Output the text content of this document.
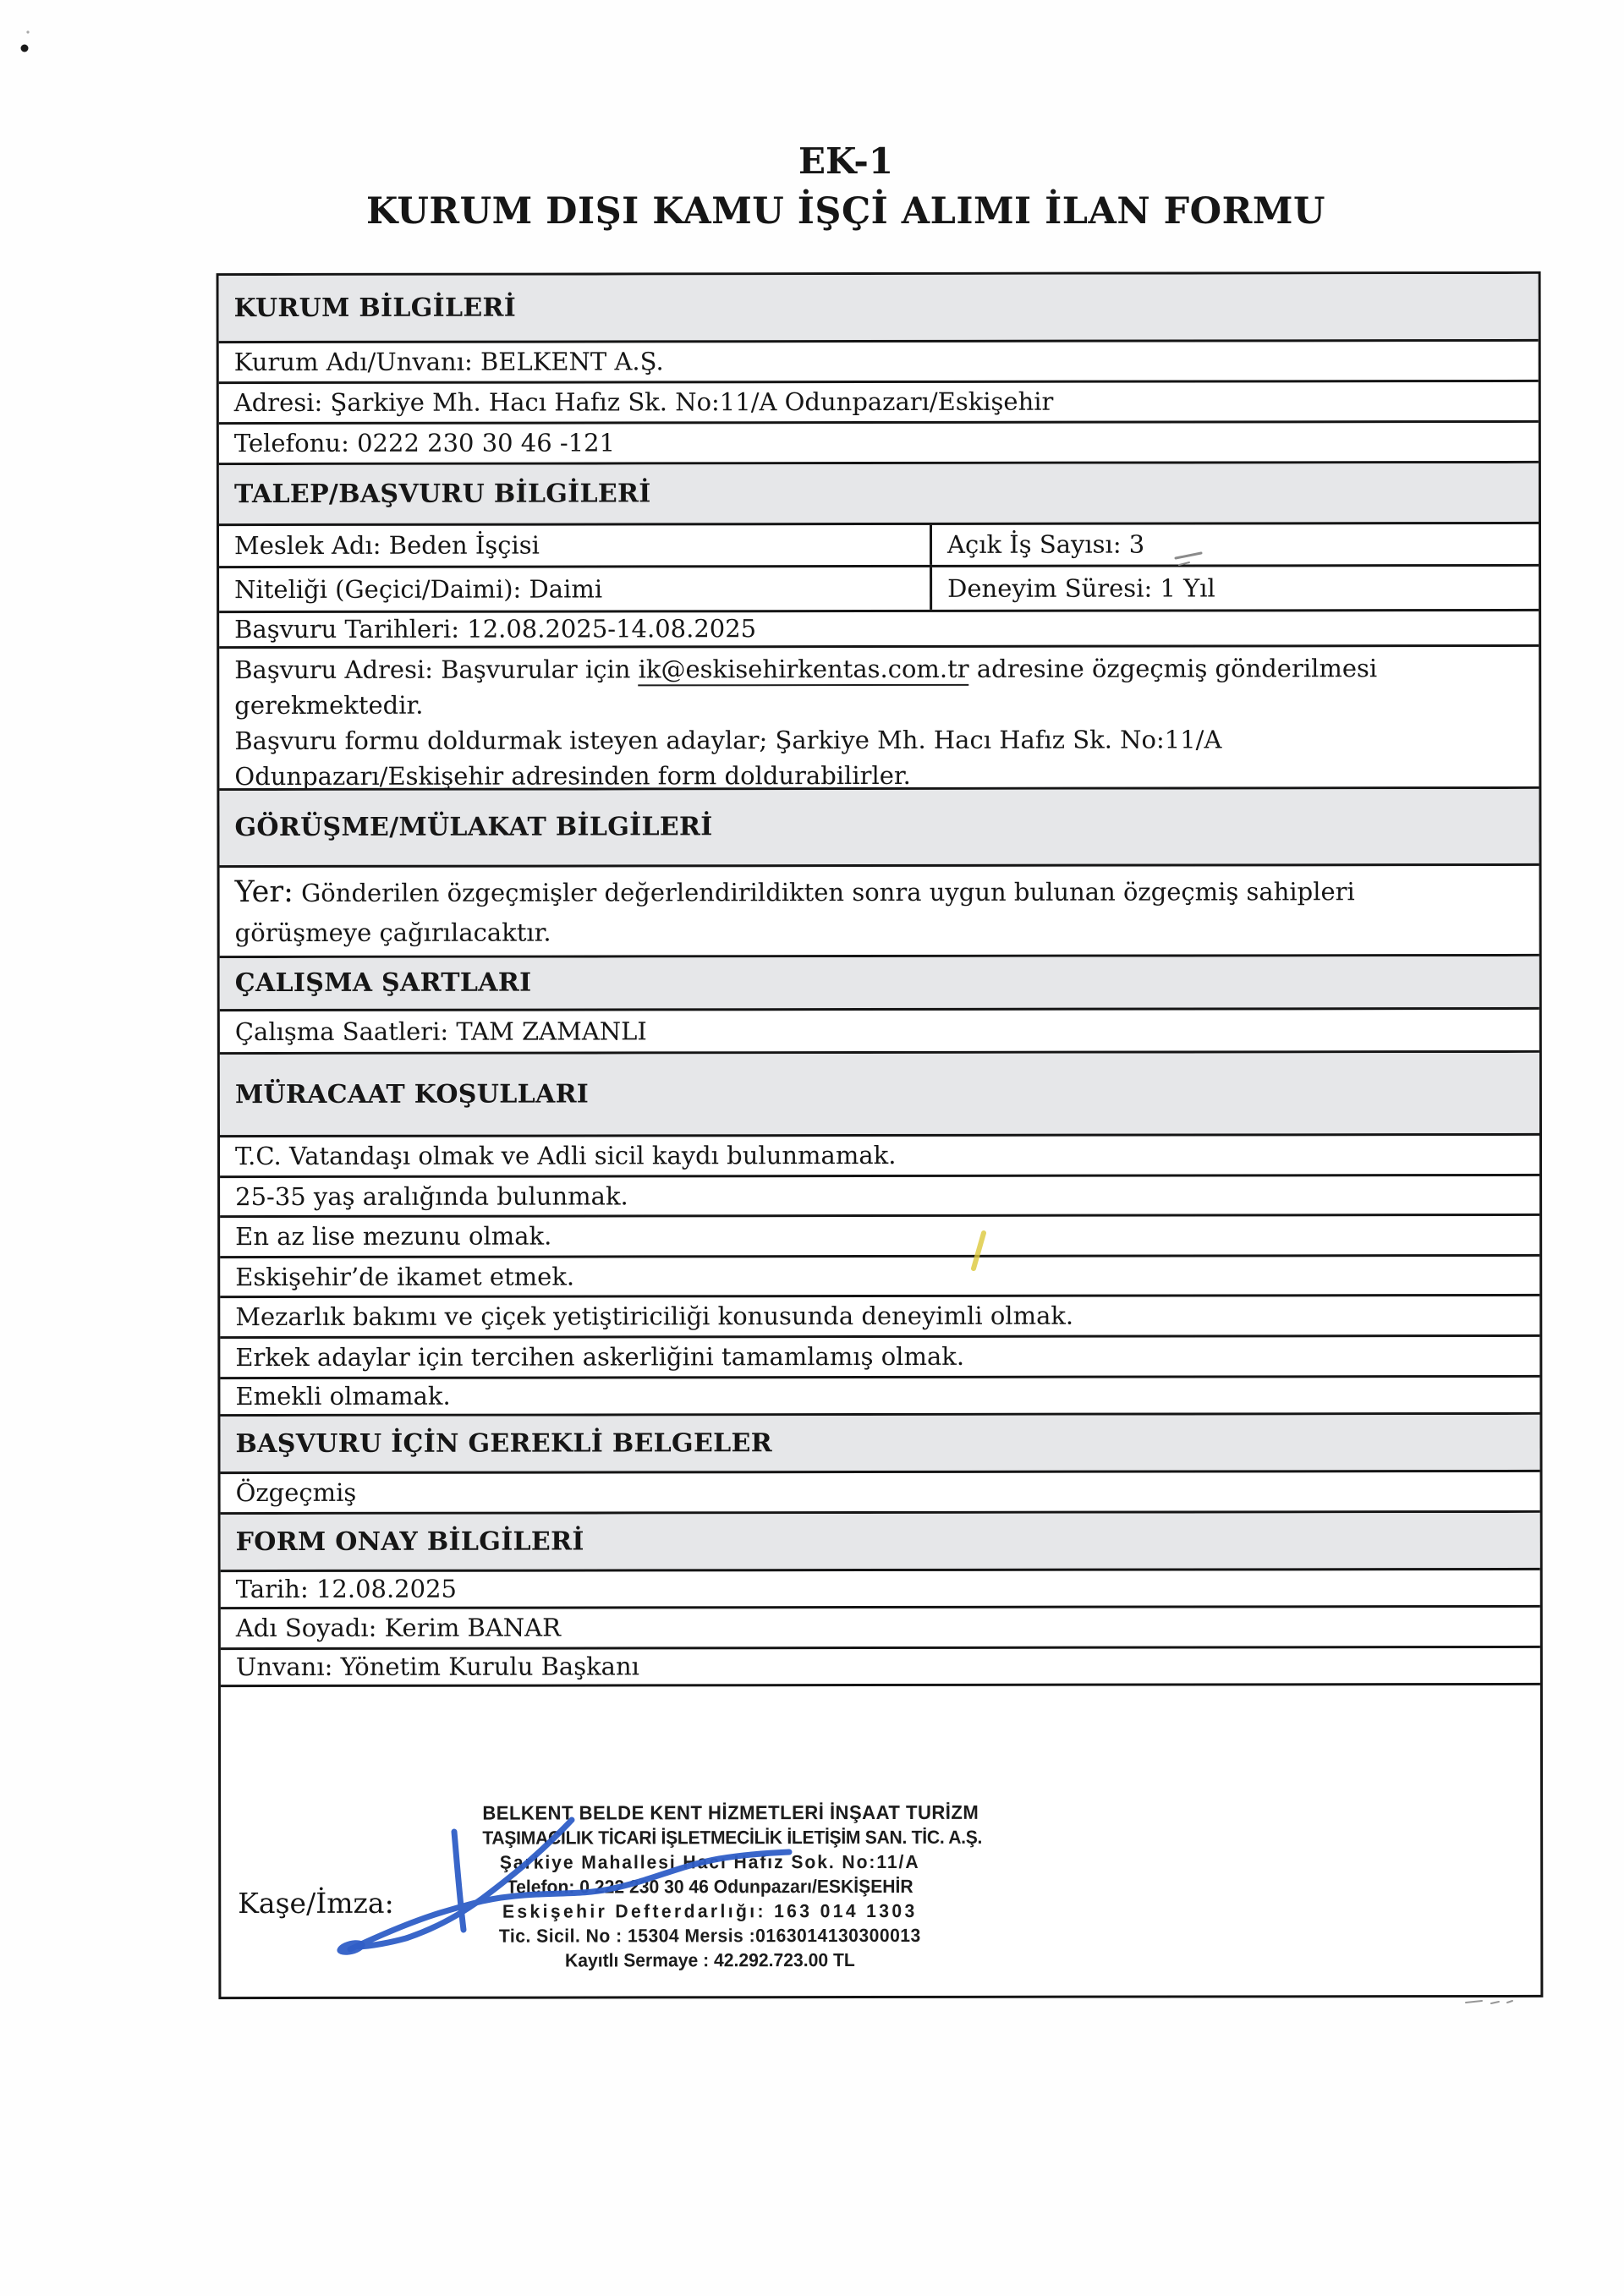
EK-1
KURUM DIŞI KAMU İŞÇİ ALIMI İLAN FORMU
KURUM BİLGİLERİ
Kurum Adı/Unvanı: BELKENT A.Ş.
Adresi: Şarkiye Mh. Hacı Hafız Sk. No:11/A Odunpazarı/Eskişehir
Telefonu: 0222 230 30 46 -121
TALEP/BAŞVURU BİLGİLERİ
Meslek Adı: Beden İşçisi	Açık İş Sayısı: 3
Niteliği (Geçici/Daimi): Daimi	Deneyim Süresi: 1 Yıl
Başvuru Tarihleri: 12.08.2025-14.08.2025
Başvuru Adresi: Başvurular için ik@eskisehirkentas.com.tr adresine özgeçmiş gönderilmesi
gerekmektedir.
Başvuru formu doldurmak isteyen adaylar; Şarkiye Mh. Hacı Hafız Sk. No:11/A
Odunpazarı/Eskişehir adresinden form doldurabilirler.
GÖRÜŞME/MÜLAKAT BİLGİLERİ
Yer: Gönderilen özgeçmişler değerlendirildikten sonra uygun bulunan özgeçmiş sahipleri
görüşmeye çağırılacaktır.
ÇALIŞMA ŞARTLARI
Çalışma Saatleri: TAM ZAMANLI
MÜRACAAT KOŞULLARI
T.C. Vatandaşı olmak ve Adli sicil kaydı bulunmamak.
25-35 yaş aralığında bulunmak.
En az lise mezunu olmak.
Eskişehir’de ikamet etmek.
Mezarlık bakımı ve çiçek yetiştiriciliği konusunda deneyimli olmak.
Erkek adaylar için tercihen askerliğini tamamlamış olmak.
Emekli olmamak.
BAŞVURU İÇİN GEREKLİ BELGELER
Özgeçmiş
FORM ONAY BİLGİLERİ
Tarih: 12.08.2025
Adı Soyadı: Kerim BANAR
Unvanı: Yönetim Kurulu Başkanı
Kaşe/İmza:
BELKENT BELDE KENT HİZMETLERİ İNŞAAT TURİZM
TAŞIMACILIK TİCARİ İŞLETMECİLİK İLETİŞİM SAN. TİC. A.Ş.
Şarkiye Mahallesi Hacı Hafız Sok. No:11/A
Telefon: 0 222 230 30 46 Odunpazarı/ESKİŞEHİR
Eskişehir Defterdarlığı: 163 014 1303
Tic. Sicil. No : 15304 Mersis :0163014130300013
Kayıtlı Sermaye : 42.292.723.00 TL
